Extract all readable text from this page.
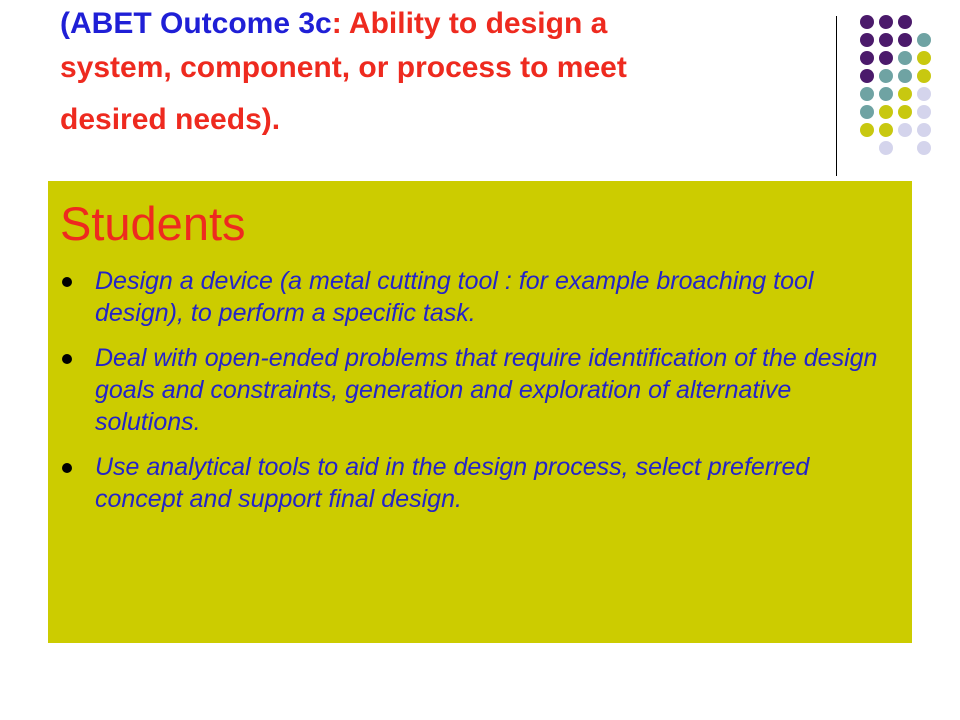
(ABET Outcome 3c: Ability to design a
system, component, or process to meet
desired needs).
Students
Design a device (a metal cutting tool : for example broaching tool design), to perform a specific task.
Deal with open-ended problems that require identification of the design goals and constraints, generation and exploration of alternative solutions.
Use analytical tools to aid in the design process, select preferred concept and support final design.
